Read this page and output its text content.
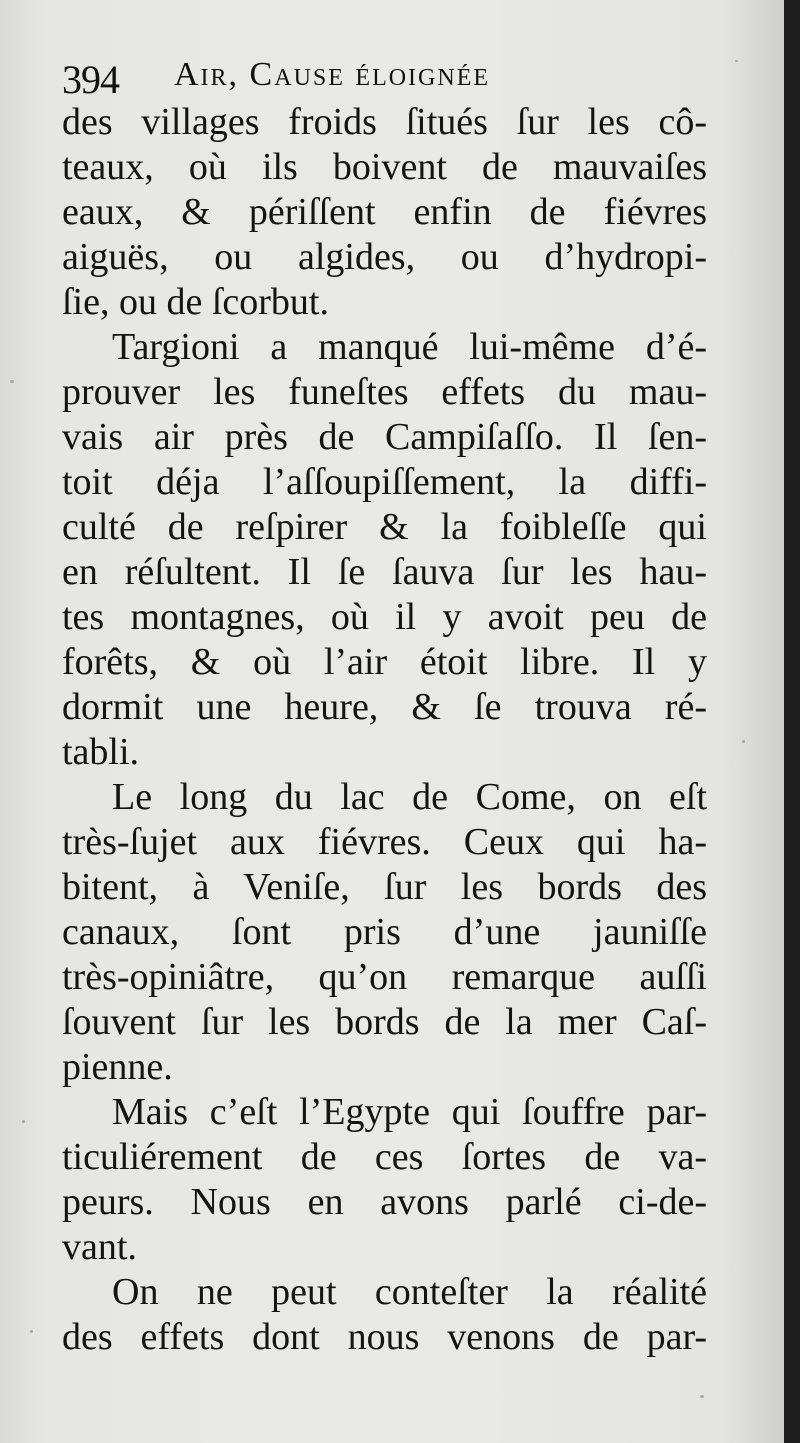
394 Air, Cause éloignée
des villages froids ſitués ſur les cô-
teaux, où ils boivent de mauvaiſes
eaux, & périſſent enfin de fiévres
aiguës, ou algides, ou d’hydropi-
ſie, ou de ſcorbut.
Targioni a manqué lui-même d’é-
prouver les funeſtes effets du mau-
vais air près de Campiſaſſo. Il ſen-
toit déja l’aſſoupiſſement, la diffi-
culté de reſpirer & la foibleſſe qui
en réſultent. Il ſe ſauva ſur les hau-
tes montagnes, où il y avoit peu de
forêts, & où l’air étoit libre. Il y
dormit une heure, & ſe trouva ré-
tabli.
Le long du lac de Come, on eſt
très-ſujet aux fiévres. Ceux qui ha-
bitent, à Veniſe, ſur les bords des
canaux, ſont pris d’une jauniſſe
très-opiniâtre, qu’on remarque auſſi
ſouvent ſur les bords de la mer Caſ-
pienne.
Mais c’eſt l’Egypte qui ſouffre par-
ticuliérement de ces ſortes de va-
peurs. Nous en avons parlé ci-de-
vant.
On ne peut conteſter la réalité
des effets dont nous venons de par-
